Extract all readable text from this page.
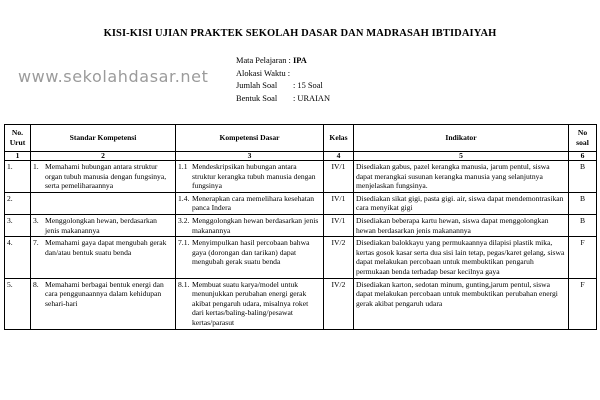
KISI-KISI UJIAN PRAKTEK SEKOLAH DASAR DAN MADRASAH IBTIDAIYAH
www.sekolahdasar.net
Mata Pelajaran : IPA
Alokasi Waktu :
Jumlah Soal : 15 Soal
Bentuk Soal : URAIAN
No. Urut	Standar Kompetensi	Kompetensi Dasar	Kelas	Indikator	No soal
1	2	3	4	5	6
1.	1. Memahami hubungan antara struktur organ tubuh manusia dengan fungsinya, serta pemeliharaannya	1.1 Mendeskripsikan hubungan antara struktur kerangka tubuh manusia dengan fungsinya	IV/1	Disediakan gabus, pazel kerangka manusia, jarum pentul, siswa dapat merangkai susunan kerangka manusia yang selanjutnya menjelaskan fungsinya.	B
2.		1.4. Menerapkan cara memelihara kesehatan panca Indera	IV/1	Disediakan sikat gigi, pasta gigi. air, siswa dapat mendemontrasikan cara menyikat gigi	B
3.	3. Menggolongkan hewan, berdasarkan jenis makanannya	3.2. Menggolongkan hewan berdasarkan jenis makanannya	IV/1	Disediakan beberapa kartu hewan, siswa dapat menggolongkan hewan berdasarkan jenis makanannya	B
4.	7. Memahami gaya dapat mengubah gerak dan/atau bentuk suatu benda	7.1. Menyimpulkan hasil percobaan bahwa gaya (dorongan dan tarikan) dapat mengubah gerak suatu benda	IV/2	Disediakan balokkayu yang permukaannya dilapisi plastik mika, kertas gosok kasar serta dua sisi lain tetap, pegas/karet gelang, siswa dapat melakukan percobaan untuk membuktikan pengaruh permukaan benda terhadap besar kecilnya gaya	F
5.	8. Memahami berbagai bentuk energi dan cara penggunaannya dalam kehidupan sehari-hari	8.1. Membuat suatu karya/model untuk menunjukkan perubahan energi gerak akibat pengaruh udara, misalnya roket dari kertas/baling-baling/pesawat kertas/parasut	IV/2	Disediakan karton, sedotan minum, gunting,jarum pentul, siswa dapat melakukan percobaan untuk membuktikan perubahan energi gerak akibat pengaruh udara	F
